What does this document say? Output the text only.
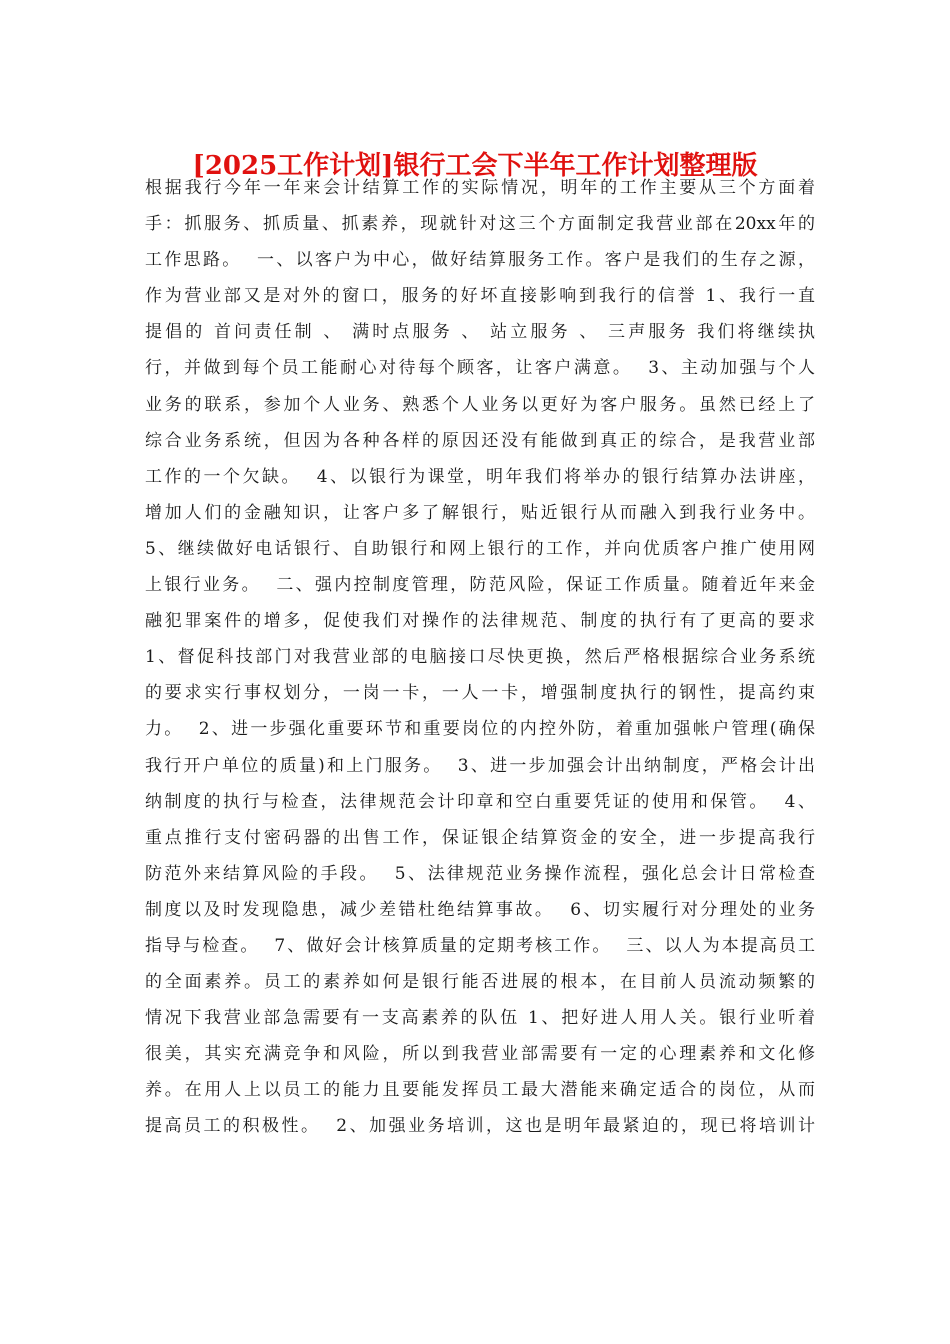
[2025工作计划]银行工会下半年工作计划整理版
根据我行今年一年来会计结算工作的实际情况，明年的工作主要从三个方面着
手：抓服务、抓质量、抓素养，现就针对这三个方面制定我营业部在20xx年的
工作思路。  一、以客户为中心，做好结算服务工作。客户是我们的生存之源，
作为营业部又是对外的窗口，服务的好坏直接影响到我行的信誉 1、我行一直
提倡的 首问责任制 、 满时点服务 、 站立服务 、 三声服务 我们将继续执
行，并做到每个员工能耐心对待每个顾客，让客户满意。  3、主动加强与个人
业务的联系，参加个人业务、熟悉个人业务以更好为客户服务。虽然已经上了
综合业务系统，但因为各种各样的原因还没有能做到真正的综合，是我营业部
工作的一个欠缺。  4、以银行为课堂，明年我们将举办的银行结算办法讲座，
增加人们的金融知识，让客户多了解银行，贴近银行从而融入到我行业务中。
5、继续做好电话银行、自助银行和网上银行的工作，并向优质客户推广使用网
上银行业务。  二、强内控制度管理，防范风险，保证工作质量。随着近年来金
融犯罪案件的增多，促使我们对操作的法律规范、制度的执行有了更高的要求
1、督促科技部门对我营业部的电脑接口尽快更换，然后严格根据综合业务系统
的要求实行事权划分，一岗一卡，一人一卡，增强制度执行的钢性，提高约束
力。  2、进一步强化重要环节和重要岗位的内控外防，着重加强帐户管理(确保
我行开户单位的质量)和上门服务。  3、进一步加强会计出纳制度，严格会计出
纳制度的执行与检查，法律规范会计印章和空白重要凭证的使用和保管。  4、
重点推行支付密码器的出售工作，保证银企结算资金的安全，进一步提高我行
防范外来结算风险的手段。  5、法律规范业务操作流程，强化总会计日常检查
制度以及时发现隐患，减少差错杜绝结算事故。  6、切实履行对分理处的业务
指导与检查。  7、做好会计核算质量的定期考核工作。  三、以人为本提高员工
的全面素养。员工的素养如何是银行能否进展的根本，在目前人员流动频繁的
情况下我营业部急需要有一支高素养的队伍 1、把好进人用人关。银行业听着
很美，其实充满竞争和风险，所以到我营业部需要有一定的心理素养和文化修
养。在用人上以员工的能力且要能发挥员工最大潜能来确定适合的岗位，从而
提高员工的积极性。  2、加强业务培训，这也是明年最紧迫的，现已将培训计
